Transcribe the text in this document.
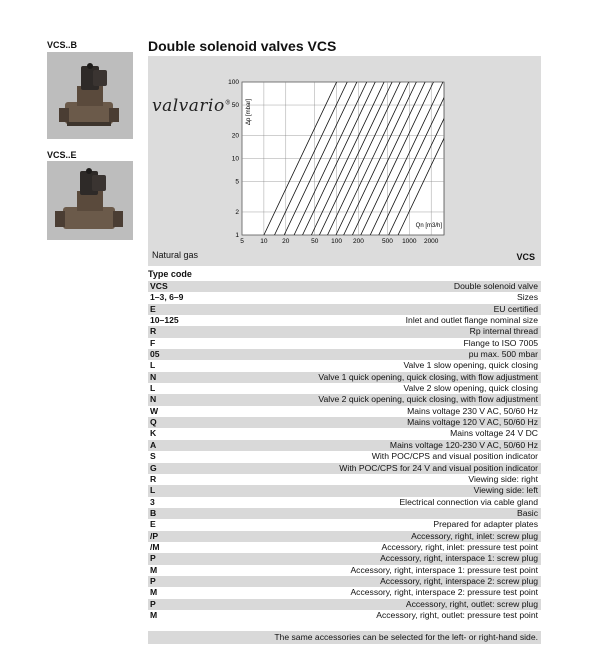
VCS..B
VCS..E
Double solenoid valves VCS
valvario®
5	10 20	50 100 200	500 1000 2000
1
2
5
10
20
50
100
Δp [mbar]
Qn [m3/h]
Natural gas	VCS
Type code
VCS	Double solenoid valve
1–3, 6–9	Sizes
E	EU certified
10–125	Inlet and outlet flange nominal size
R	Rp internal thread
F	Flange to ISO 7005
05	pu max. 500 mbar
L	Valve 1 slow opening, quick closing
N	Valve 1 quick opening, quick closing, with flow adjustment
L	Valve 2 slow opening, quick closing
N	Valve 2 quick opening, quick closing, with flow adjustment
W	Mains voltage 230 V AC, 50/60 Hz
Q	Mains voltage 120 V AC, 50/60 Hz
K	Mains voltage 24 V DC
A	Mains voltage 120-230 V AC, 50/60 Hz
S	With POC/CPS and visual position indicator
G	With POC/CPS for 24 V and visual position indicator
R	Viewing side: right
L	Viewing side: left
3	Electrical connection via cable gland
B	Basic
E	Prepared for adapter plates
/P	Accessory, right, inlet: screw plug
/M	Accessory, right, inlet: pressure test point
P	Accessory, right, interspace 1: screw plug
M	Accessory, right, interspace 1: pressure test point
P	Accessory, right, interspace 2: screw plug
M	Accessory, right, interspace 2: pressure test point
P	Accessory, right, outlet: screw plug
M	Accessory, right, outlet: pressure test point
The same accessories can be selected for the left- or right-hand side.
